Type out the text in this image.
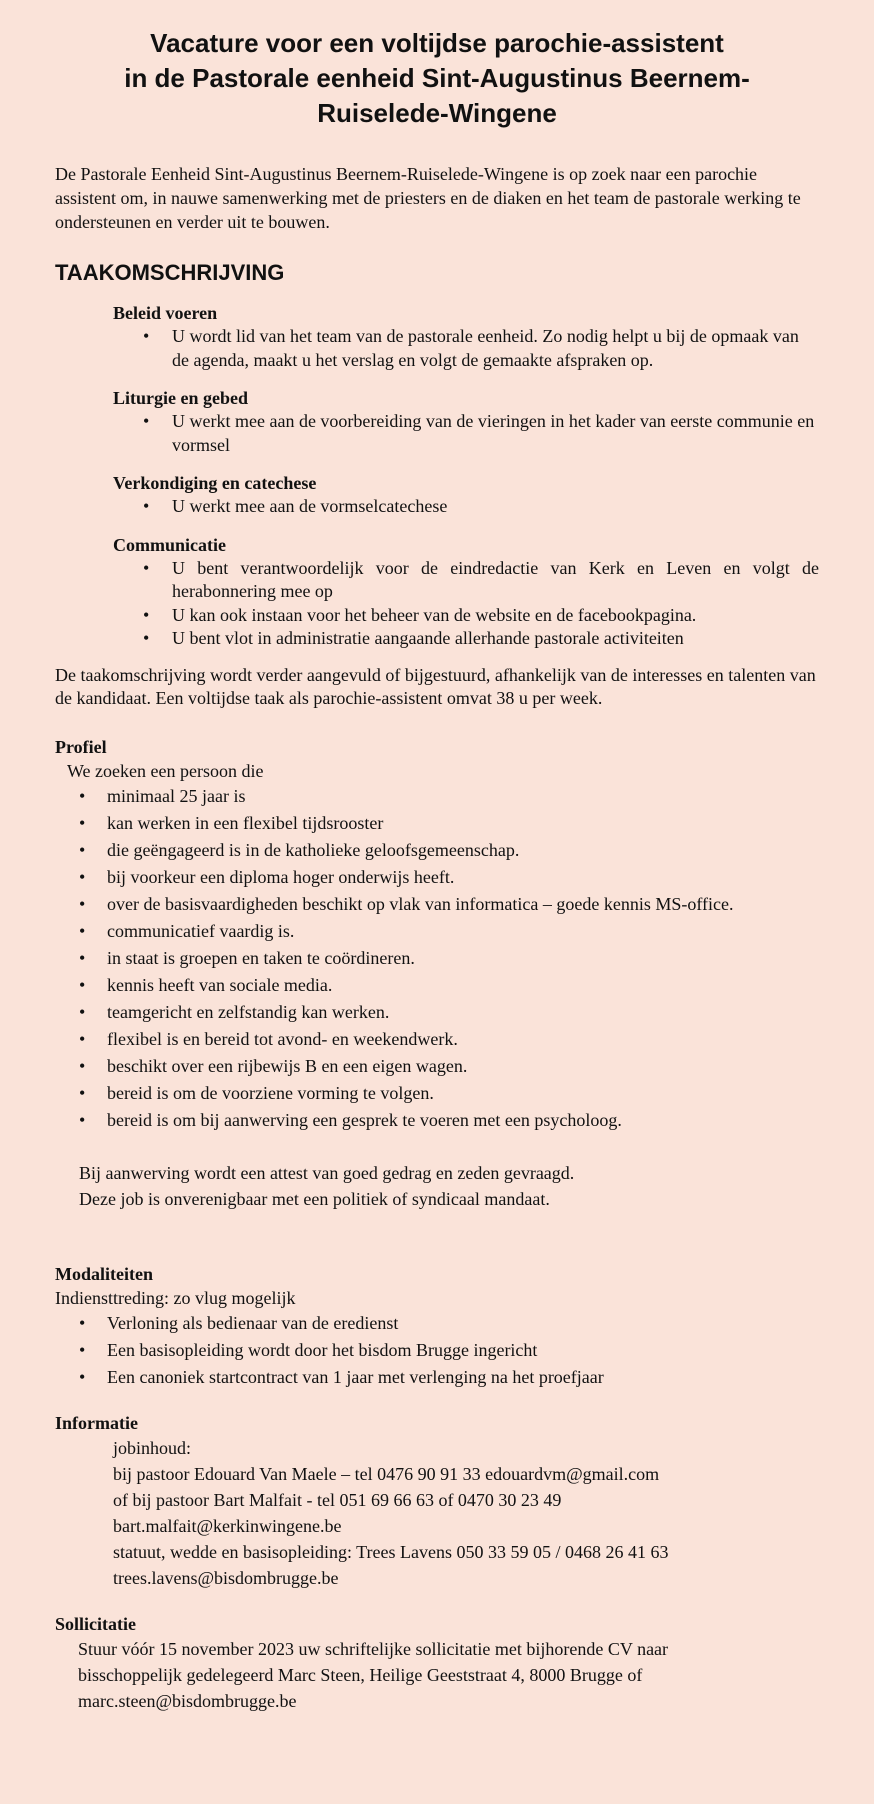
Vacature voor een voltijdse parochie-assistent
in de Pastorale eenheid Sint-Augustinus Beernem-
Ruiselede-Wingene
De Pastorale Eenheid Sint-Augustinus Beernem-Ruiselede-Wingene is op zoek naar een parochie assistent om, in nauwe samenwerking met de priesters en de diaken en het team de pastorale werking te ondersteunen en verder uit te bouwen.
TAAKOMSCHRIJVING
Beleid voeren
• U wordt lid van het team van de pastorale eenheid. Zo nodig helpt u bij de opmaak van de agenda, maakt u het verslag en volgt de gemaakte afspraken op.
Liturgie en gebed
• U werkt mee aan de voorbereiding van de vieringen in het kader van eerste communie en vormsel
Verkondiging en catechese
• U werkt mee aan de vormselcatechese
Communicatie
• U bent verantwoordelijk voor de eindredactie van Kerk en Leven en volgt de herabonnering mee op
• U kan ook instaan voor het beheer van de website en de facebookpagina.
• U bent vlot in administratie aangaande allerhande pastorale activiteiten
De taakomschrijving wordt verder aangevuld of bijgestuurd, afhankelijk van de interesses en talenten van de kandidaat. Een voltijdse taak als parochie-assistent omvat 38 u per week.
Profiel
We zoeken een persoon die
• minimaal 25 jaar is
• kan werken in een flexibel tijdsrooster
• die geëngageerd is in de katholieke geloofsgemeenschap.
• bij voorkeur een diploma hoger onderwijs heeft.
• over de basisvaardigheden beschikt op vlak van informatica – goede kennis MS-office.
• communicatief vaardig is.
• in staat is groepen en taken te coördineren.
• kennis heeft van sociale media.
• teamgericht en zelfstandig kan werken.
• flexibel is en bereid tot avond- en weekendwerk.
• beschikt over een rijbewijs B en een eigen wagen.
• bereid is om de voorziene vorming te volgen.
• bereid is om bij aanwerving een gesprek te voeren met een psycholoog.
Bij aanwerving wordt een attest van goed gedrag en zeden gevraagd.
Deze job is onverenigbaar met een politiek of syndicaal mandaat.
Modaliteiten
Indiensttreding: zo vlug mogelijk
• Verloning als bedienaar van de eredienst
• Een basisopleiding wordt door het bisdom Brugge ingericht
• Een canoniek startcontract van 1 jaar met verlenging na het proefjaar
Informatie
jobinhoud:
bij pastoor Edouard Van Maele – tel 0476 90 91 33 edouardvm@gmail.com
of bij pastoor Bart Malfait - tel 051 69 66 63 of 0470 30 23 49
bart.malfait@kerkinwingene.be
statuut, wedde en basisopleiding: Trees Lavens 050 33 59 05 / 0468 26 41 63
trees.lavens@bisdombrugge.be
Sollicitatie
Stuur vóór 15 november 2023 uw schriftelijke sollicitatie met bijhorende CV naar
bisschoppelijk gedelegeerd Marc Steen, Heilige Geeststraat 4, 8000 Brugge of
marc.steen@bisdombrugge.be
